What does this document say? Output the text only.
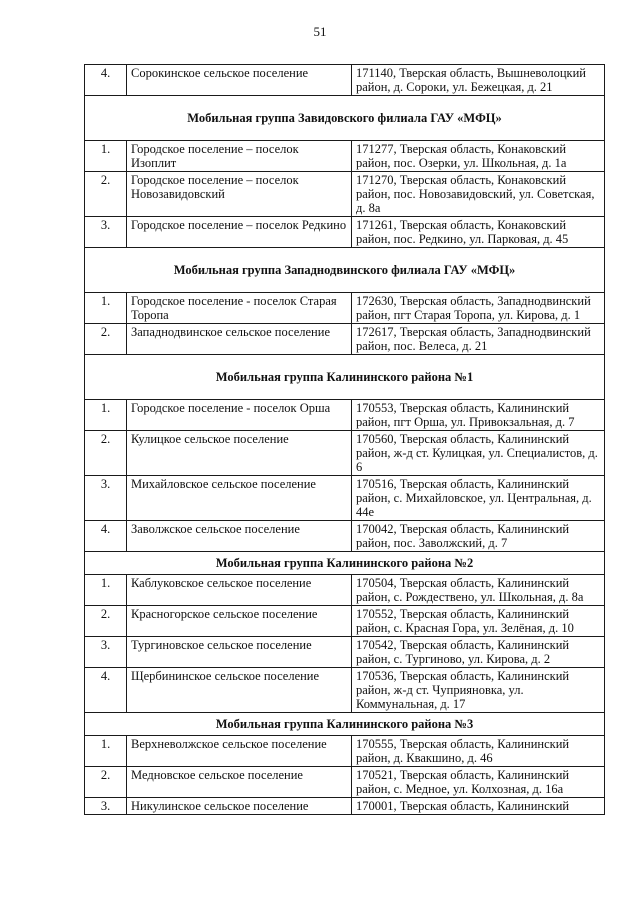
51
4.	Сорокинское сельское поселение	171140, Тверская область, Вышневолоцкий район, д. Сороки, ул. Бежецкая, д. 21
Мобильная группа Завидовского филиала ГАУ «МФЦ»		
1.	Городское поселение – поселок Изоплит	171277, Тверская область, Конаковский район, пос. Озерки, ул. Школьная, д. 1а
2.	Городское поселение – поселок Новозавидовский	171270, Тверская область, Конаковский район, пос. Новозавидовский, ул. Советская, д. 8а
3.	Городское поселение – поселок Редкино	171261, Тверская область, Конаковский район, пос. Редкино, ул. Парковая, д. 45
Мобильная группа Западнодвинского филиала ГАУ «МФЦ»		
1.	Городское поселение - поселок Старая Торопа	172630, Тверская область, Западнодвинский район, пгт Старая Торопа, ул. Кирова, д. 1
2.	Западнодвинское сельское поселение	172617, Тверская область, Западнодвинский район, пос. Велеса, д. 21
Мобильная группа Калининского района №1		
1.	Городское поселение - поселок Орша	170553, Тверская область, Калининский район, пгт Орша, ул. Привокзальная, д. 7
2.	Кулицкое сельское поселение	170560, Тверская область, Калининский район, ж-д ст. Кулицкая, ул. Специалистов, д. 6
3.	Михайловское сельское поселение	170516, Тверская область, Калининский район, с. Михайловское, ул. Центральная, д. 44е
4.	Заволжское сельское поселение	170042, Тверская область, Калининский район, пос. Заволжский, д. 7
Мобильная группа Калининского района №2		
1.	Каблуковское сельское поселение	170504, Тверская область, Калининский район, с. Рождествено, ул. Школьная, д. 8а
2.	Красногорское сельское поселение	170552, Тверская область, Калининский район, с. Красная Гора, ул. Зелёная, д. 10
3.	Тургиновское сельское поселение	170542, Тверская область, Калининский район, с. Тургиново, ул. Кирова, д. 2
4.	Щербининское сельское поселение	170536, Тверская область, Калининский район, ж-д ст. Чуприяновка, ул. Коммунальная, д. 17
Мобильная группа Калининского района №3		
1.	Верхневолжское сельское поселение	170555, Тверская область, Калининский район, д. Квакшино, д. 46
2.	Медновское сельское поселение	170521, Тверская область, Калининский район, с. Медное, ул. Колхозная, д. 16а
3.	Никулинское сельское поселение	170001, Тверская область, Калининский
